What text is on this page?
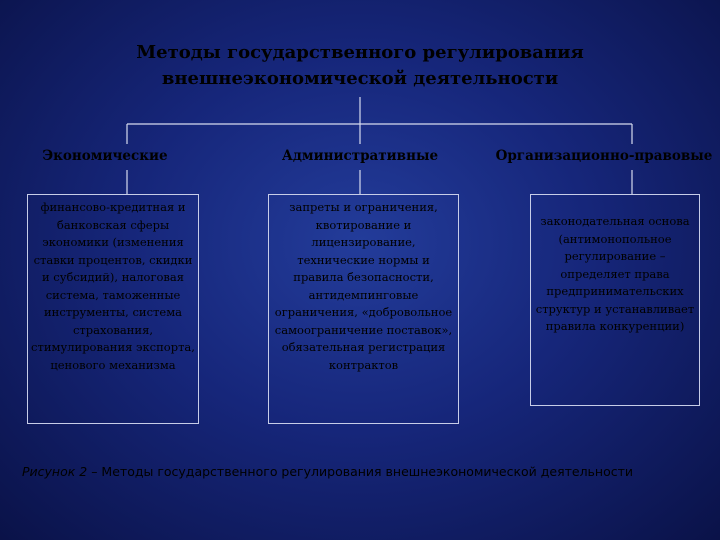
Методы государственного регулирования
внешнеэкономической деятельности
Экономические	Административные	Организационно-правовые
финансово-кредитная и банковская сферы экономики (изменения ставки процентов, скидки и субсидий), налоговая система, таможенные инструменты, система страхования, стимулирования экспорта, ценового механизма
запреты и ограничения, квотирование и лицензирование, технические нормы и правила безопасности, антидемпинговые ограничения, «добровольное самоограничение поставок», обязательная регистрация контрактов
законодательная основа (антимонопольное регулирование – определяет права предпринимательских структур и устанавливает правила конкуренции)
Рисунок 2 – Методы государственного регулирования внешнеэкономической деятельности
